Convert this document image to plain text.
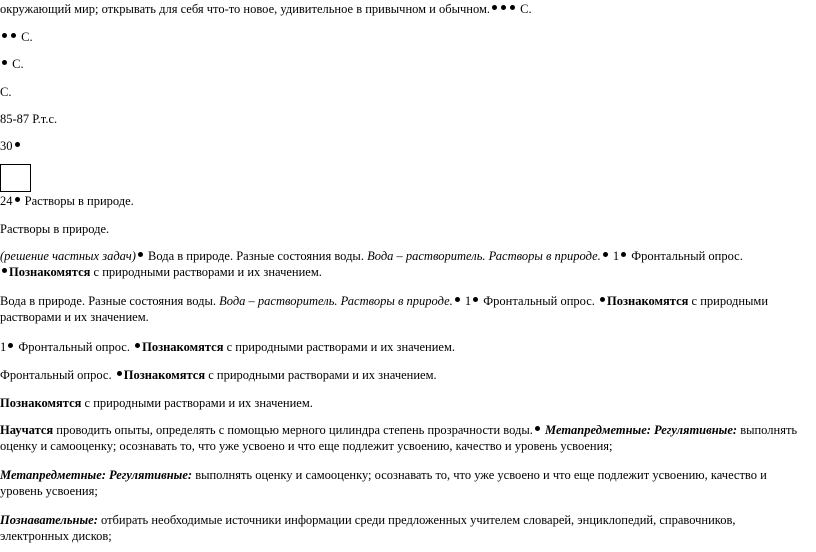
окружающий мир; открывать для себя что-то новое, удивительное в привычном и обычном. С.
С.
С.
С.
85-87 Р.т.с.
30
24 Растворы в природе.
Растворы в природе.
(решение частных задач) Вода в природе. Разные состояния воды. Вода – растворитель. Растворы в природе. 1 Фронтальный опрос.
Познакомятся с природными растворами и их значением.
Вода в природе. Разные состояния воды. Вода – растворитель. Растворы в природе. 1 Фронтальный опрос. Познакомятся с природными растворами и их значением.
1 Фронтальный опрос. Познакомятся с природными растворами и их значением.
Фронтальный опрос. Познакомятся с природными растворами и их значением.
Познакомятся с природными растворами и их значением.
Научатся проводить опыты, определять с помощью мерного цилиндра степень прозрачности воды. Метапредметные: Регулятивные: выполнять оценку и самооценку; осознавать то, что уже усвоено и что еще подлежит усвоению, качество и уровень усвоения;
Метапредметные: Регулятивные: выполнять оценку и самооценку; осознавать то, что уже усвоено и что еще подлежит усвоению, качество и уровень усвоения;
Познавательные: отбирать необходимые источники информации среди предложенных учителем словарей, энциклопедий, справочников, электронных дисков;
